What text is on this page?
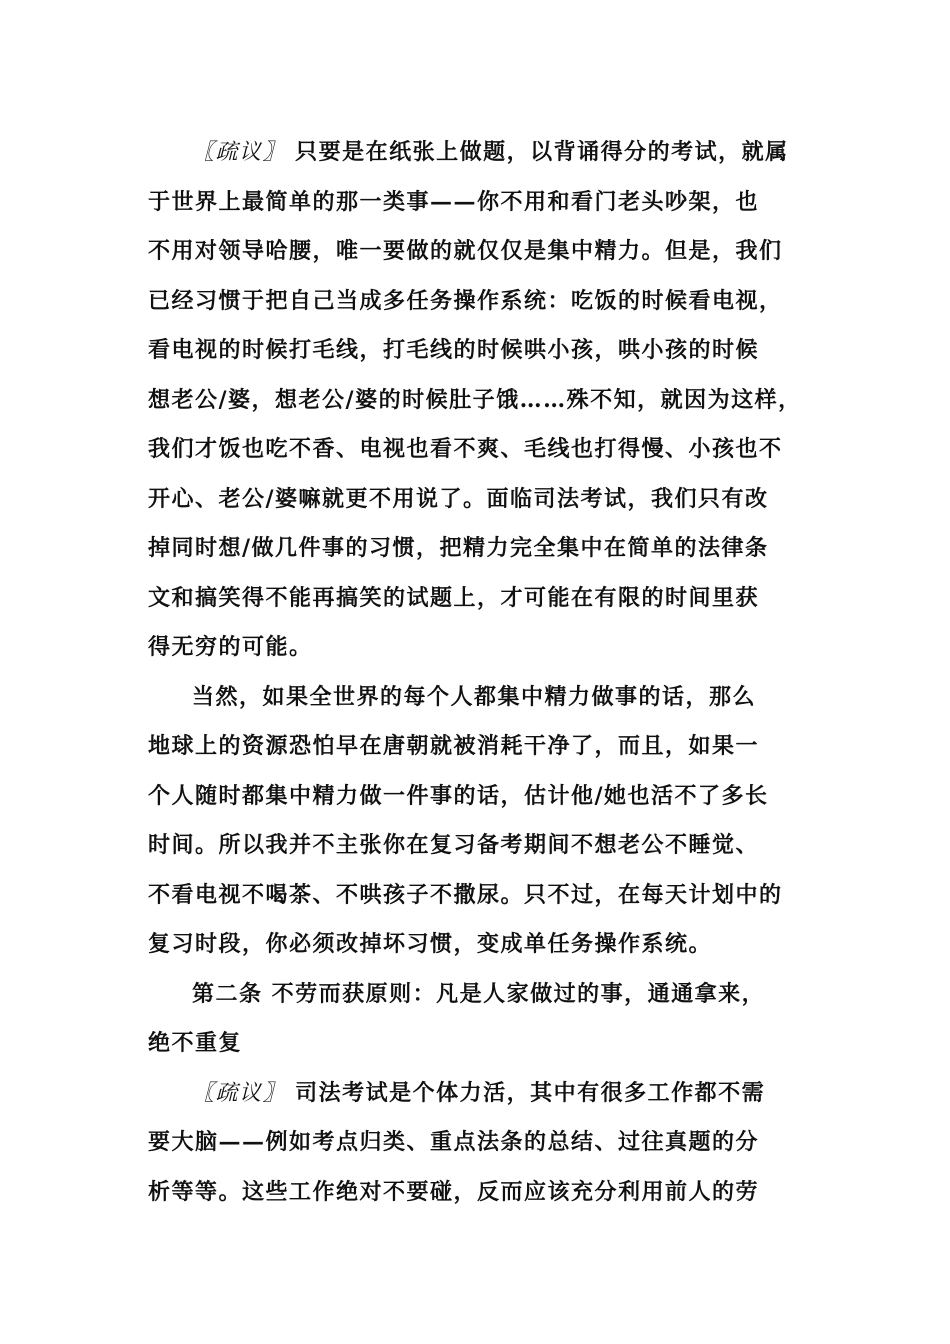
〖疏议〗 只要是在纸张上做题，以背诵得分的考试，就属
于世界上最简单的那一类事——你不用和看门老头吵架，也
不用对领导哈腰，唯一要做的就仅仅是集中精力。但是，我们
已经习惯于把自己当成多任务操作系统：吃饭的时候看电视，
看电视的时候打毛线，打毛线的时候哄小孩，哄小孩的时候
想老公/婆，想老公/婆的时候肚子饿……殊不知，就因为这样，
我们才饭也吃不香、电视也看不爽、毛线也打得慢、小孩也不
开心、老公/婆嘛就更不用说了。面临司法考试，我们只有改
掉同时想/做几件事的习惯，把精力完全集中在简单的法律条
文和搞笑得不能再搞笑的试题上，才可能在有限的时间里获
得无穷的可能。
当然，如果全世界的每个人都集中精力做事的话，那么
地球上的资源恐怕早在唐朝就被消耗干净了，而且，如果一
个人随时都集中精力做一件事的话，估计他/她也活不了多长
时间。所以我并不主张你在复习备考期间不想老公不睡觉、
不看电视不喝茶、不哄孩子不撒尿。只不过，在每天计划中的
复习时段，你必须改掉坏习惯，变成单任务操作系统。
第二条 不劳而获原则：凡是人家做过的事，通通拿来，
绝不重复
〖疏议〗 司法考试是个体力活，其中有很多工作都不需
要大脑——例如考点归类、重点法条的总结、过往真题的分
析等等。这些工作绝对不要碰，反而应该充分利用前人的劳
